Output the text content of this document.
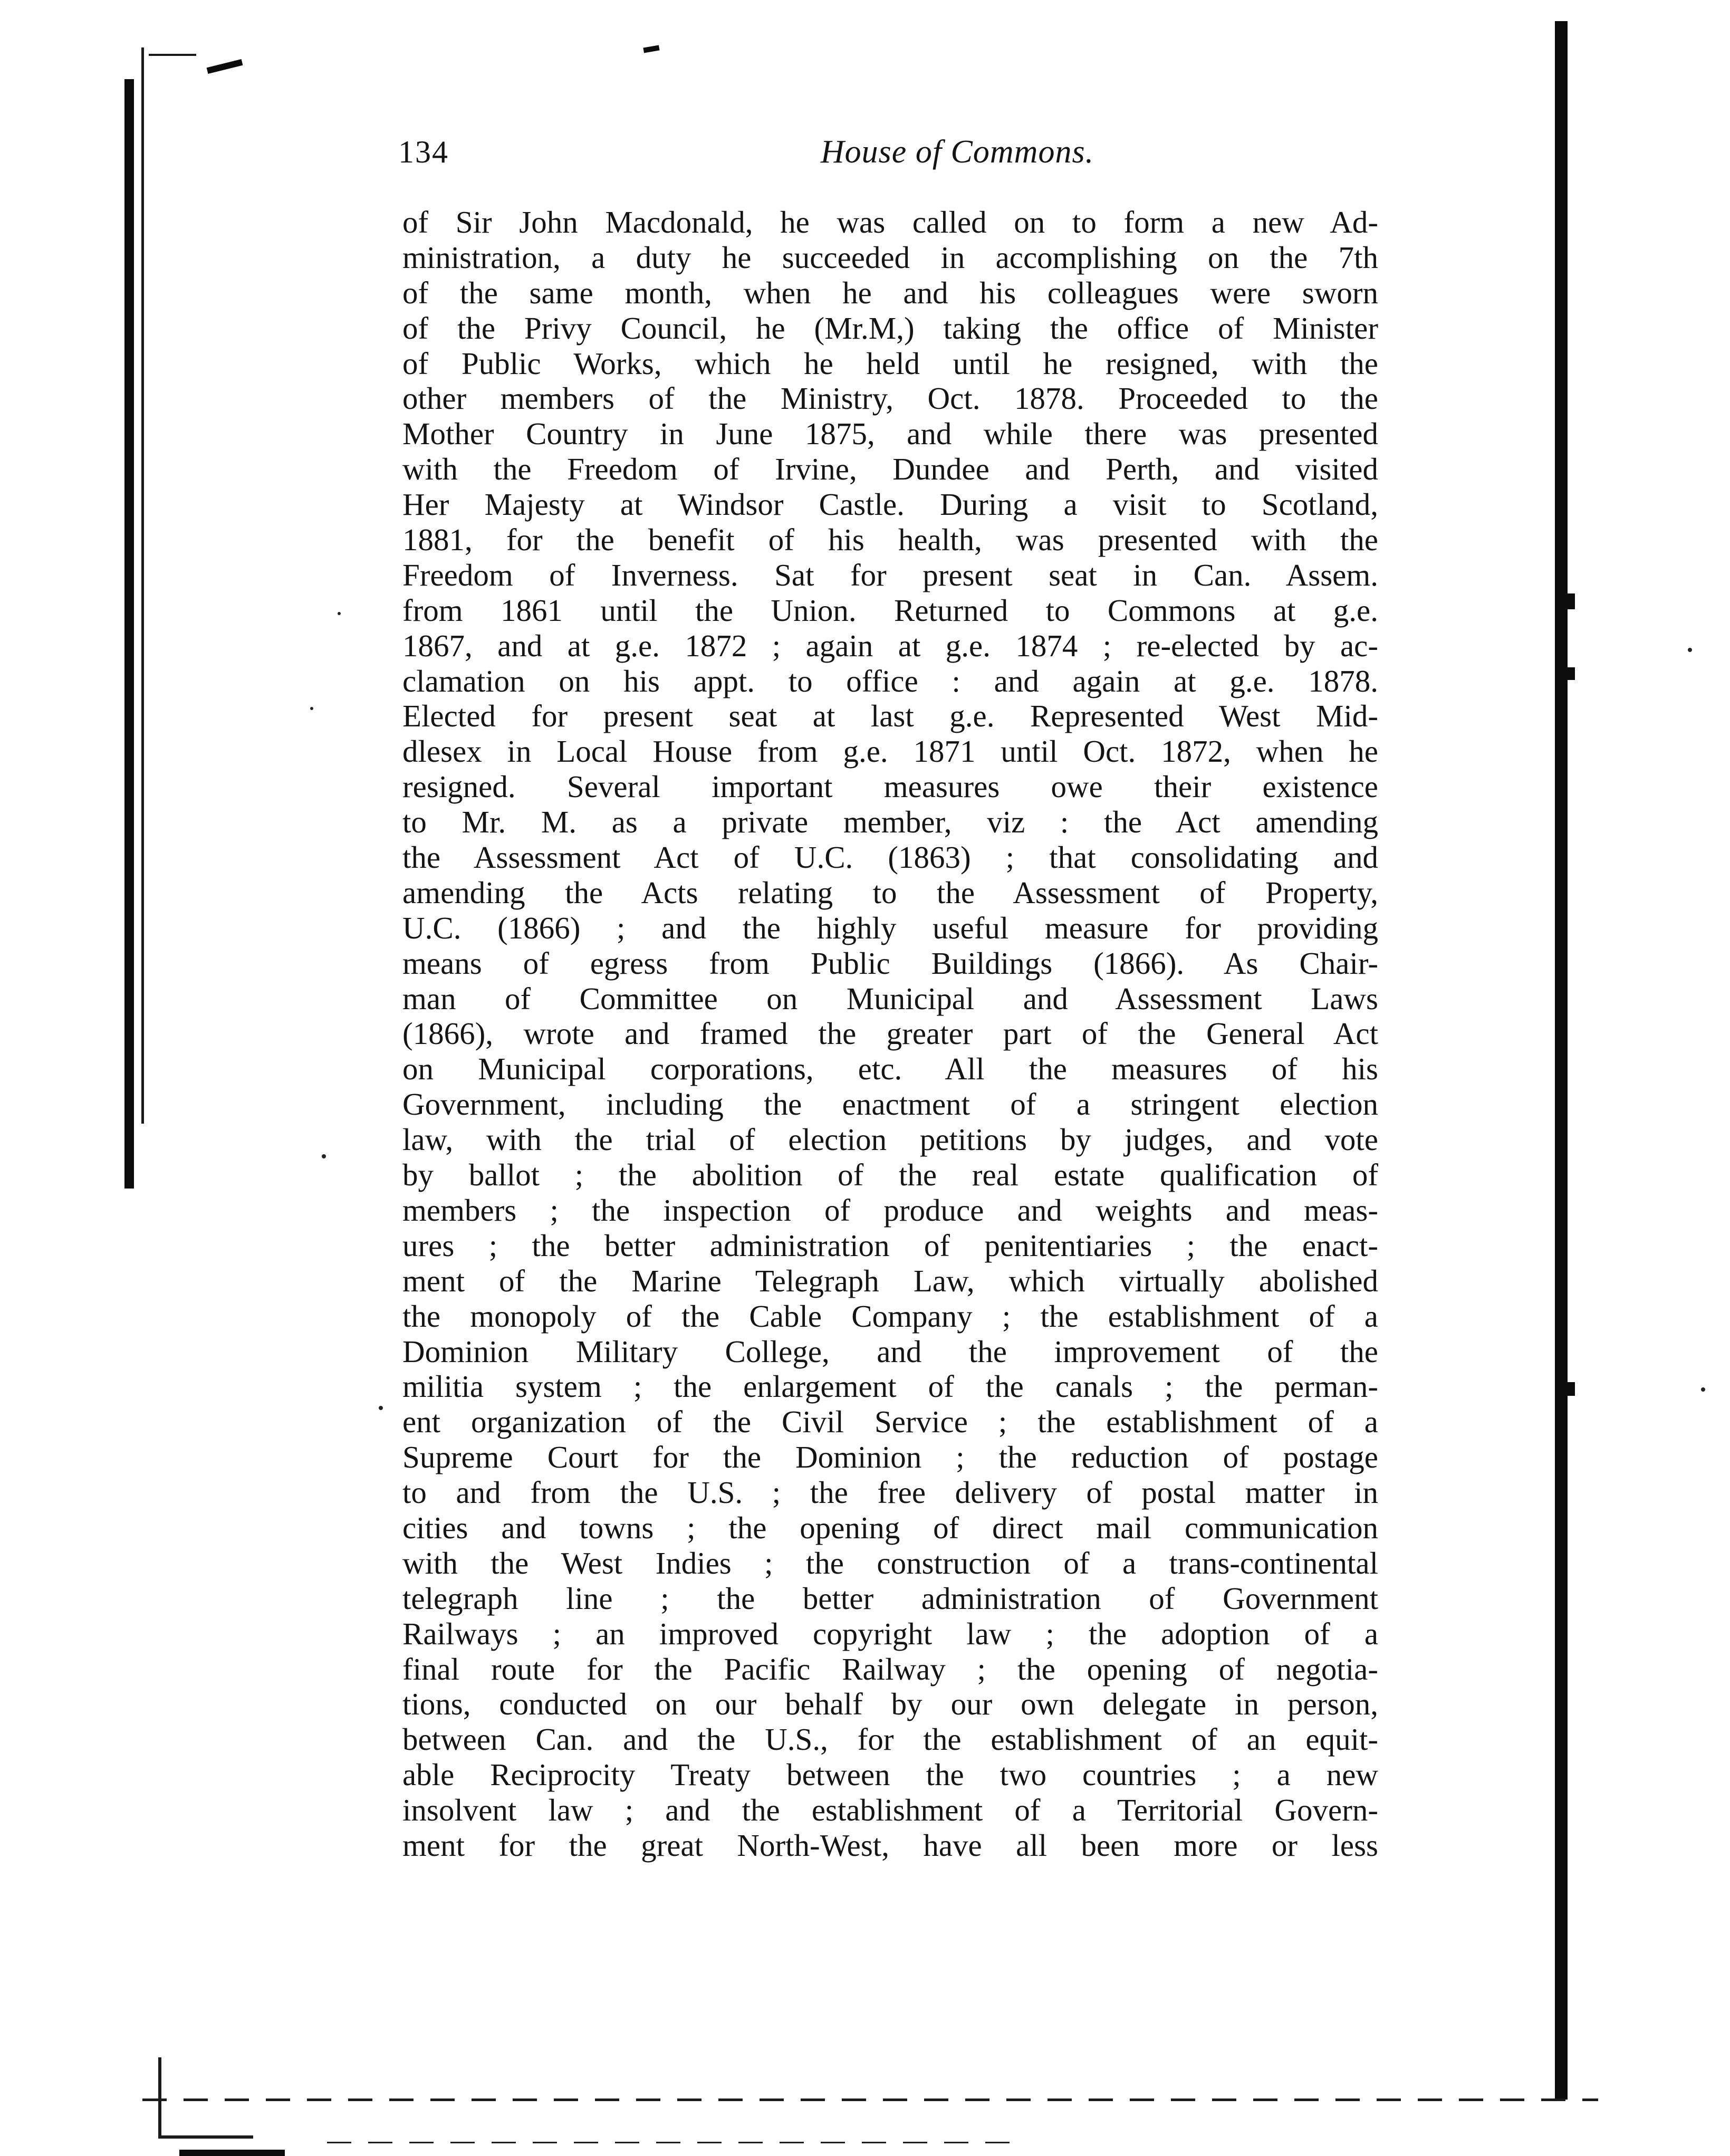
134	House of Commons.
of Sir John Macdonald, he was called on to form a new Ad-
ministration, a duty he succeeded in accomplishing on the 7th
of the same month, when he and his colleagues were sworn
of the Privy Council, he (Mr.M,) taking the office of Minister
of Public Works, which he held until he resigned, with the
other members of the Ministry, Oct. 1878. Proceeded to the
Mother Country in June 1875, and while there was presented
with the Freedom of Irvine, Dundee and Perth, and visited
Her Majesty at Windsor Castle. During a visit to Scotland,
1881, for the benefit of his health, was presented with the
Freedom of Inverness. Sat for present seat in Can. Assem.
from 1861 until the Union. Returned to Commons at g.e.
1867, and at g.e. 1872 ; again at g.e. 1874 ; re-elected by ac-
clamation on his appt. to office : and again at g.e. 1878.
Elected for present seat at last g.e. Represented West Mid-
dlesex in Local House from g.e. 1871 until Oct. 1872, when he
resigned. Several important measures owe their existence
to Mr. M. as a private member, viz : the Act amending
the Assessment Act of U.C. (1863) ; that consolidating and
amending the Acts relating to the Assessment of Property,
U.C. (1866) ; and the highly useful measure for providing
means of egress from Public Buildings (1866). As Chair-
man of Committee on Municipal and Assessment Laws
(1866), wrote and framed the greater part of the General Act
on Municipal corporations, etc. All the measures of his
Government, including the enactment of a stringent election
law, with the trial of election petitions by judges, and vote
by ballot ; the abolition of the real estate qualification of
members ; the inspection of produce and weights and meas-
ures ; the better administration of penitentiaries ; the enact-
ment of the Marine Telegraph Law, which virtually abolished
the monopoly of the Cable Company ; the establishment of a
Dominion Military College, and the improvement of the
militia system ; the enlargement of the canals ; the perman-
ent organization of the Civil Service ; the establishment of a
Supreme Court for the Dominion ; the reduction of postage
to and from the U.S. ; the free delivery of postal matter in
cities and towns ; the opening of direct mail communication
with the West Indies ; the construction of a trans-continental
telegraph line ; the better administration of Government
Railways ; an improved copyright law ; the adoption of a
final route for the Pacific Railway ; the opening of negotia-
tions, conducted on our behalf by our own delegate in person,
between Can. and the U.S., for the establishment of an equit-
able Reciprocity Treaty between the two countries ; a new
insolvent law ; and the establishment of a Territorial Govern-
ment for the great North-West, have all been more or less
